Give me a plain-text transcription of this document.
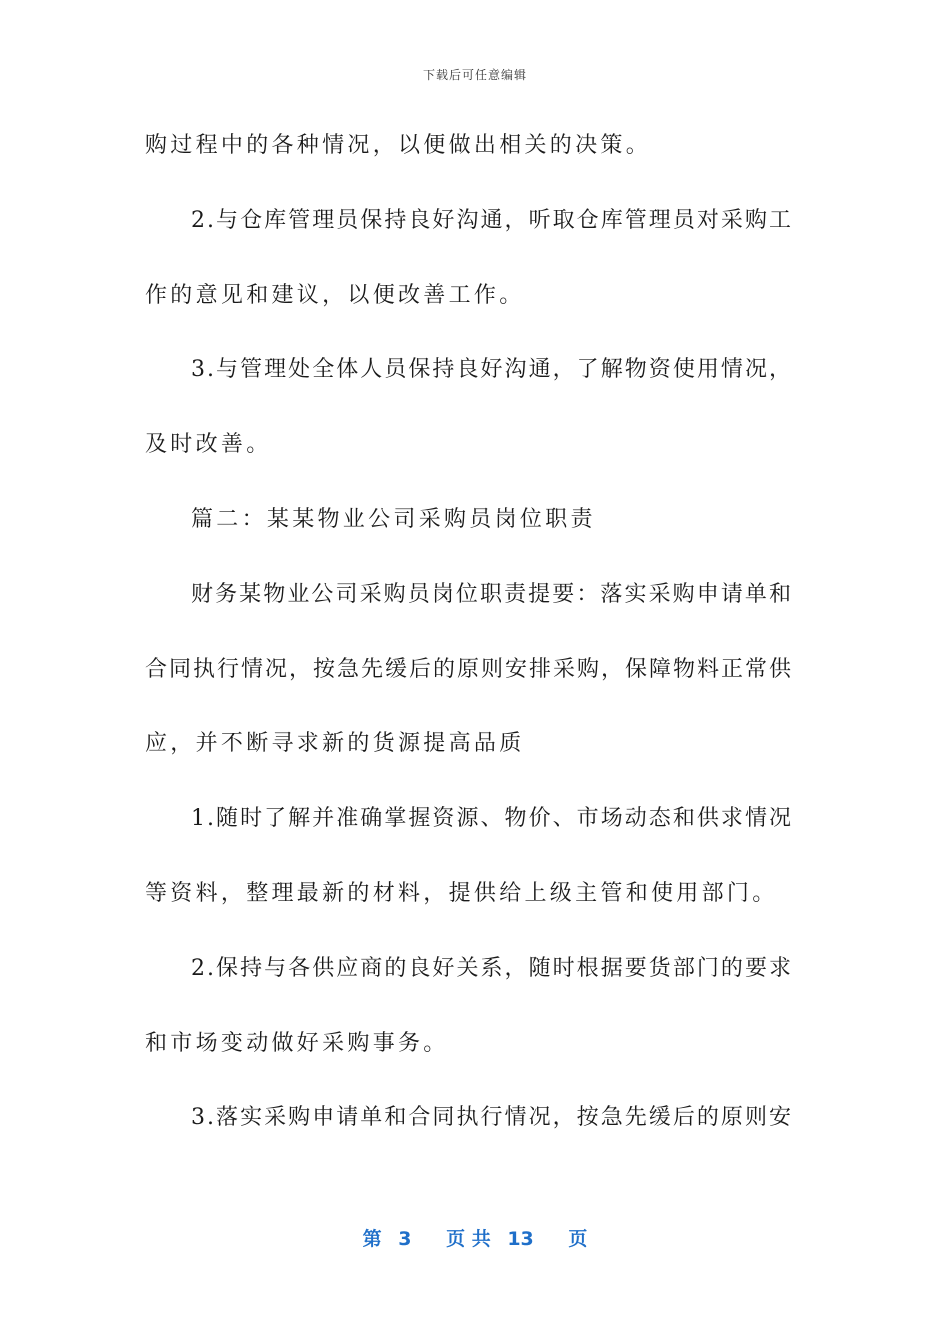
下载后可任意编辑
购过程中的各种情况，以便做出相关的决策。
2.与仓库管理员保持良好沟通，听取仓库管理员对采购工
作的意见和建议，以便改善工作。
3.与管理处全体人员保持良好沟通，了解物资使用情况，
及时改善。
篇二：某某物业公司采购员岗位职责
财务某物业公司采购员岗位职责提要：落实采购申请单和
合同执行情况，按急先缓后的原则安排采购，保障物料正常供
应，并不断寻求新的货源提高品质
1.随时了解并准确掌握资源、物价、市场动态和供求情况
等资料，整理最新的材料，提供给上级主管和使用部门。
2.保持与各供应商的良好关系，随时根据要货部门的要求
和市场变动做好采购事务。
3.落实采购申请单和合同执行情况，按急先缓后的原则安
第 3 页 共 13 页
